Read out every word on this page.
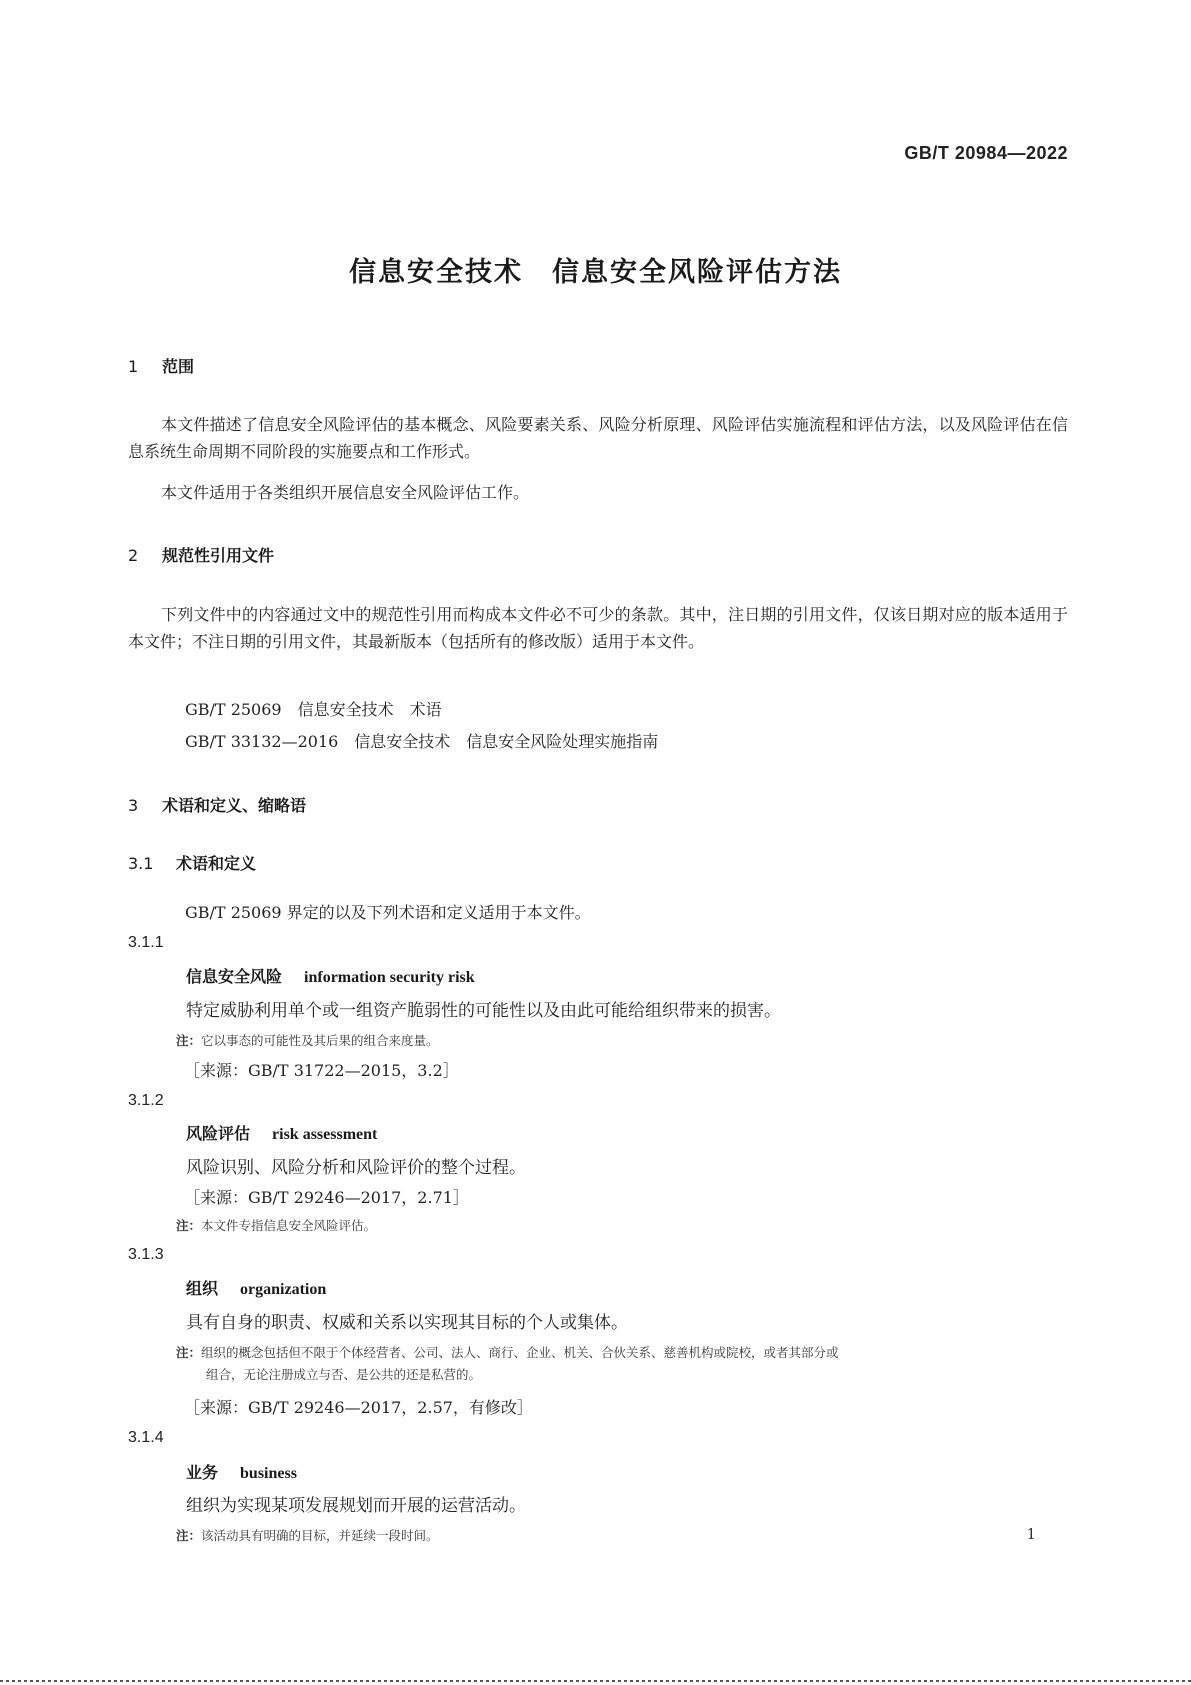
GB/T 20984—2022
信息安全技术　信息安全风险评估方法
1 范围
本文件描述了信息安全风险评估的基本概念、风险要素关系、风险分析原理、风险评估实施流程和评估方法，以及风险评估在信息系统生命周期不同阶段的实施要点和工作形式。
本文件适用于各类组织开展信息安全风险评估工作。
2 规范性引用文件
下列文件中的内容通过文中的规范性引用而构成本文件必不可少的条款。其中，注日期的引用文件，仅该日期对应的版本适用于本文件；不注日期的引用文件，其最新版本（包括所有的修改版）适用于本文件。
GB/T 25069　信息安全技术　术语
GB/T 33132—2016　信息安全技术　信息安全风险处理实施指南
3 术语和定义、缩略语
3.1 术语和定义
GB/T 25069 界定的以及下列术语和定义适用于本文件。
3.1.1
信息安全风险 information security risk
特定威胁利用单个或一组资产脆弱性的可能性以及由此可能给组织带来的损害。
注：它以事态的可能性及其后果的组合来度量。
［来源：GB/T 31722—2015，3.2］
3.1.2
风险评估 risk assessment
风险识别、风险分析和风险评价的整个过程。
［来源：GB/T 29246—2017，2.71］
注：本文件专指信息安全风险评估。
3.1.3
组织 organization
具有自身的职责、权威和关系以实现其目标的个人或集体。
注：组织的概念包括但不限于个体经营者、公司、法人、商行、企业、机关、合伙关系、慈善机构或院校，或者其部分或
组合，无论注册成立与否、是公共的还是私营的。
［来源：GB/T 29246—2017，2.57，有修改］
3.1.4
业务 business
组织为实现某项发展规划而开展的运营活动。
注：该活动具有明确的目标，并延续一段时间。	1
